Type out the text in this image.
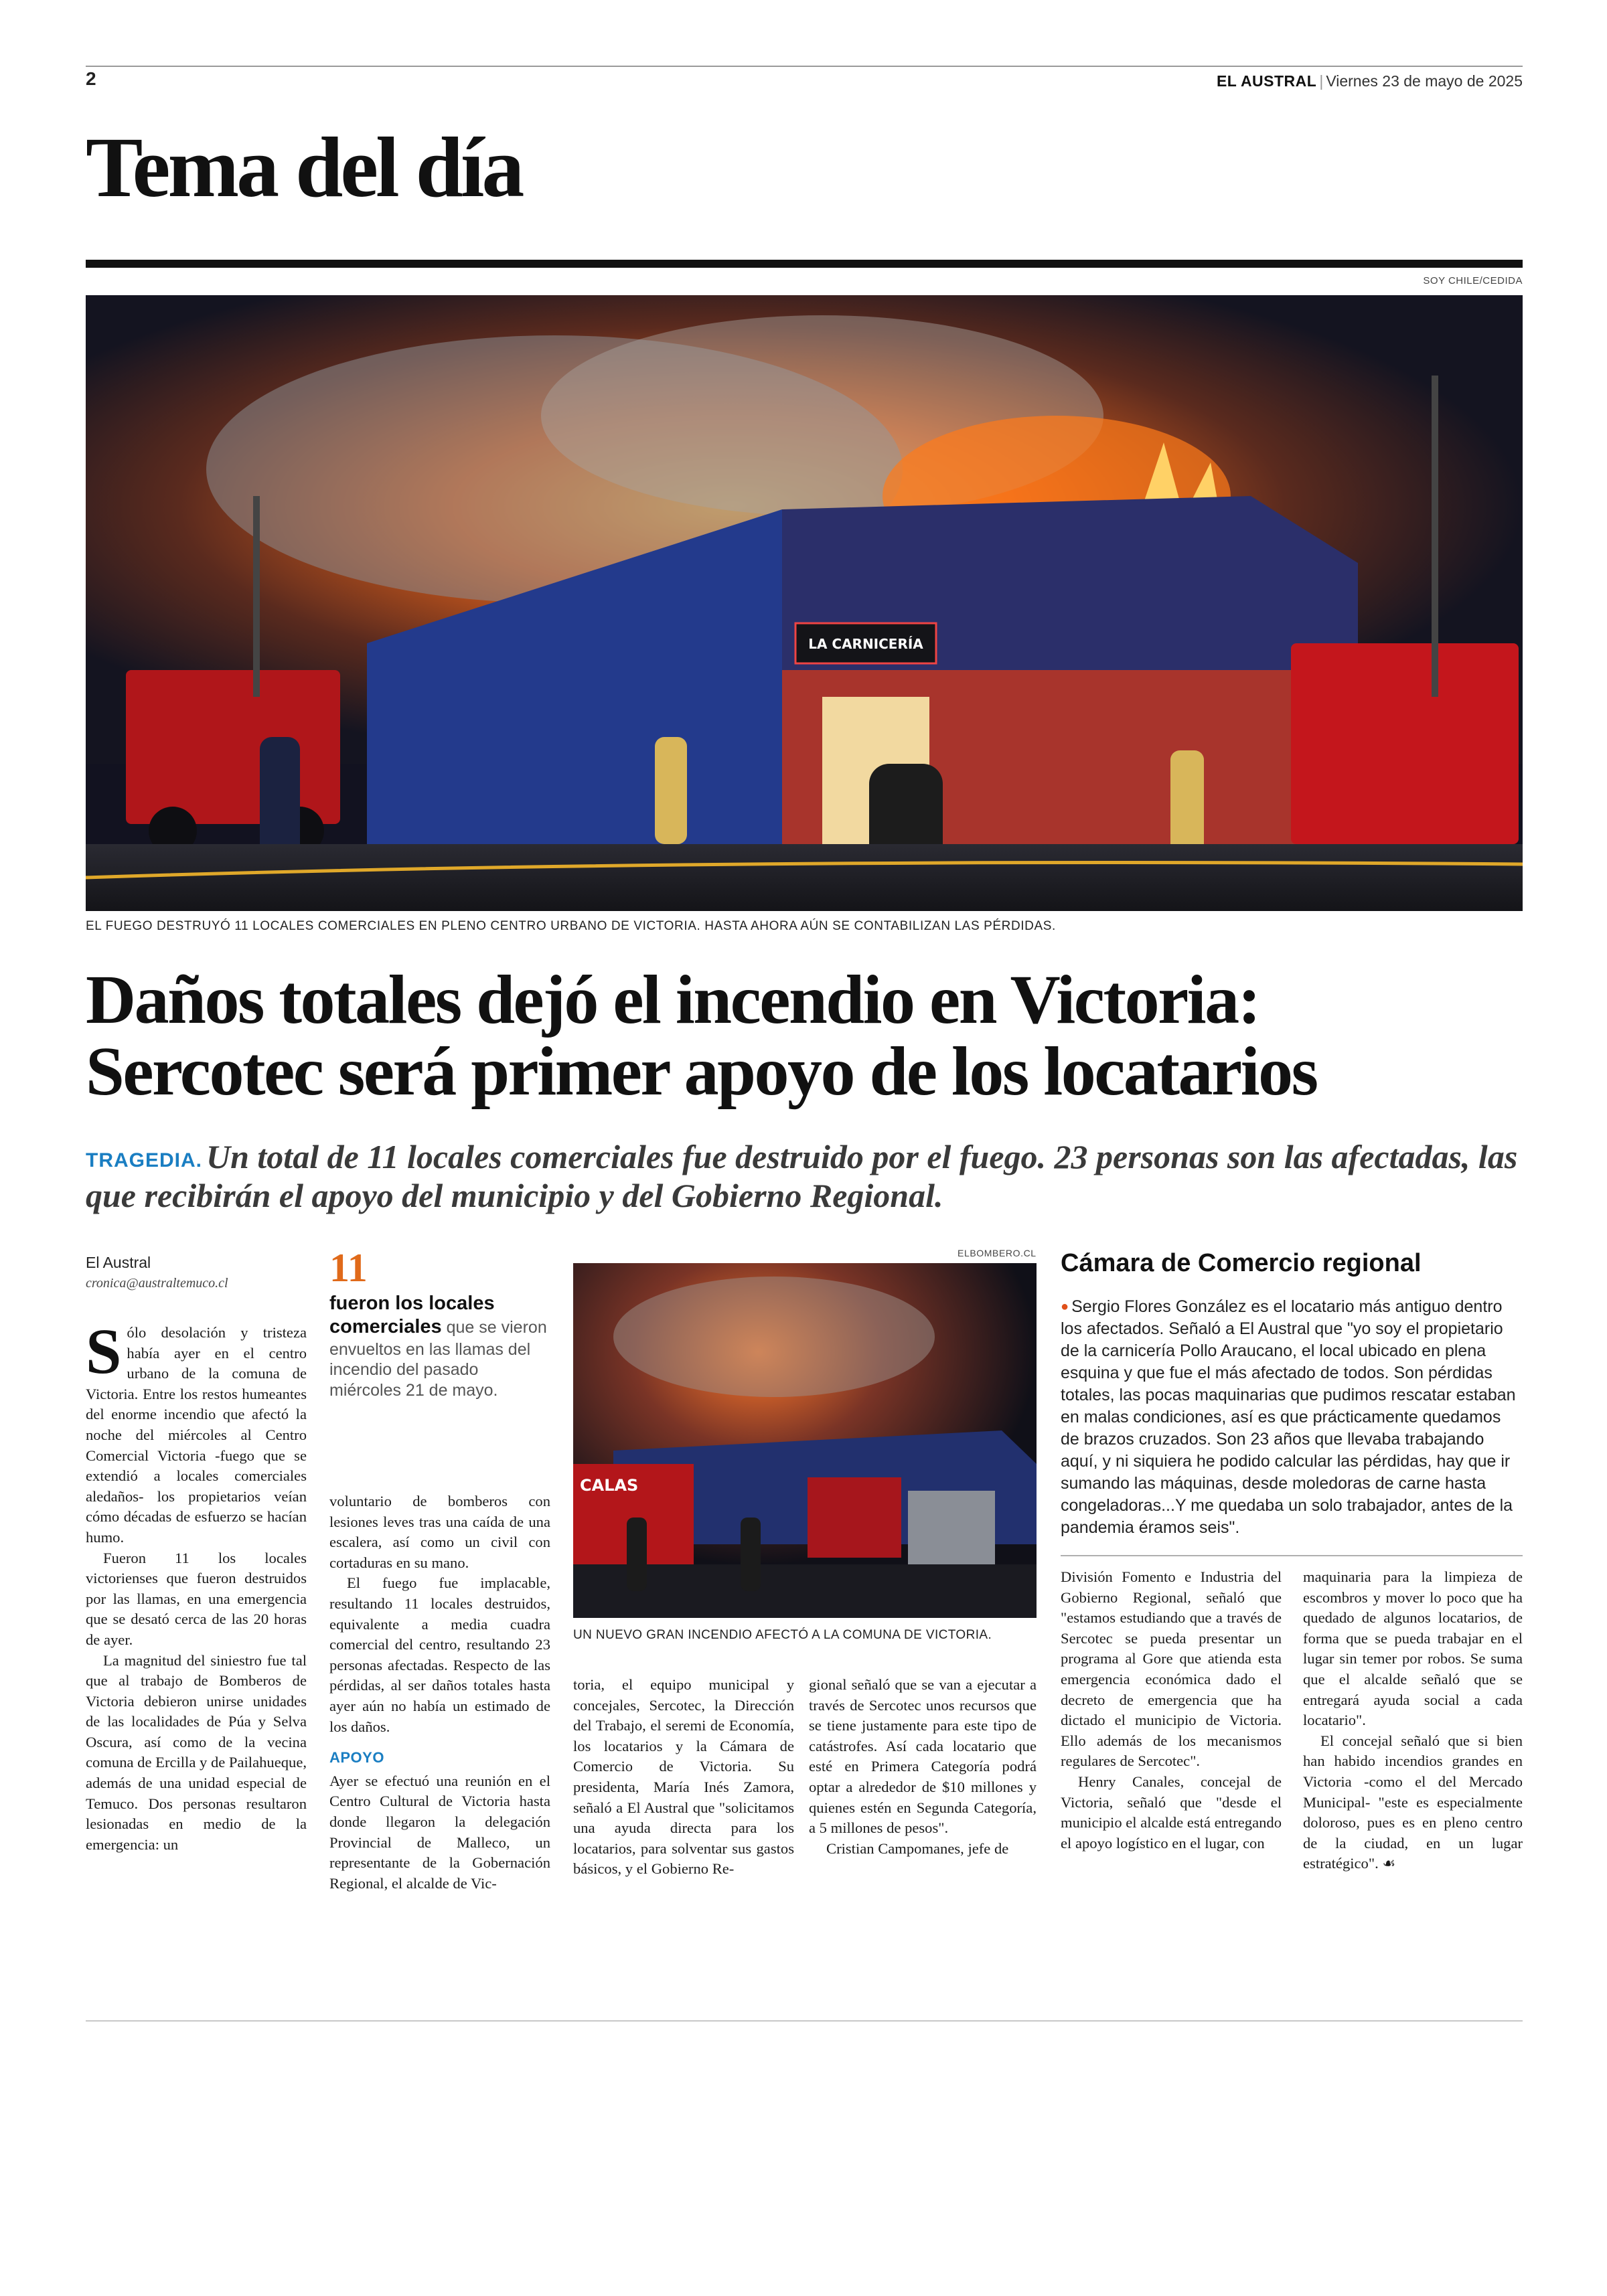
2	EL AUSTRAL | Viernes 23 de mayo de 2025
Tema del día
SOY CHILE/CEDIDA
LA CARNICERÍA
EL FUEGO DESTRUYÓ 11 LOCALES COMERCIALES EN PLENO CENTRO URBANO DE VICTORIA. HASTA AHORA AÚN SE CONTABILIZAN LAS PÉRDIDAS.
Daños totales dejó el incendio en Victoria:
Sercotec será primer apoyo de los locatarios
TRAGEDIA. Un total de 11 locales comerciales fue destruido por el fuego. 23 personas son las afectadas, las que recibirán el apoyo del municipio y del Gobierno Regional.
El Austral
cronica@australtemuco.cl

Sólo desolación y tristeza había ayer en el centro urbano de la comuna de Victoria. Entre los restos humeantes del enorme incendio que afectó la noche del miércoles al Centro Comercial Victoria -fuego que se extendió a locales comerciales aledaños- los propietarios veían cómo décadas de esfuerzo se hacían humo.

Fueron 11 los locales victorienses que fueron destruidos por las llamas, en una emergencia que se desató cerca de las 20 horas de ayer.

La magnitud del siniestro fue tal que al trabajo de Bomberos de Victoria debieron unirse unidades de las localidades de Púa y Selva Oscura, así como de la vecina comuna de Ercilla y de Pailahueque, además de una unidad especial de Temuco. Dos personas resultaron lesionadas en medio de la emergencia: un

11
fueron los locales comerciales que se vieron envueltos en las llamas del incendio del pasado miércoles 21 de mayo.

voluntario de bomberos con lesiones leves tras una caída de una escalera, así como un civil con cortaduras en su mano.

El fuego fue implacable, resultando 11 locales destruidos, equivalente a media cuadra comercial del centro, resultando 23 personas afectadas. Respecto de las pérdidas, al ser daños totales hasta ayer aún no había un estimado de los daños.

APOYO

Ayer se efectuó una reunión en el Centro Cultural de Victoria hasta donde llegaron la delegación Provincial de Malleco, un representante de la Gobernación Regional, el alcalde de Vic-

ELBOMBERO.CL
CALAS
UN NUEVO GRAN INCENDIO AFECTÓ A LA COMUNA DE VICTORIA.

toria, el equipo municipal y concejales, Sercotec, la Dirección del Trabajo, el seremi de Economía, los locatarios y la Cámara de Comercio de Victoria. Su presidenta, María Inés Zamora, señaló a El Austral que "solicitamos una ayuda directa para los locatarios, para solventar sus gastos básicos, y el Gobierno Re-

gional señaló que se van a ejecutar a través de Sercotec unos recursos que se tiene justamente para este tipo de catástrofes. Así cada locatario que esté en Primera Categoría podrá optar a alrededor de $10 millones y quienes estén en Segunda Categoría, a 5 millones de pesos".

Cristian Campomanes, jefe de

Cámara de Comercio regional
● Sergio Flores González es el locatario más antiguo dentro los afectados. Señaló a El Austral que "yo soy el propietario de la carnicería Pollo Araucano, el local ubicado en plena esquina y que fue el más afectado de todos. Son pérdidas totales, las pocas maquinarias que pudimos rescatar estaban en malas condiciones, así es que prácticamente quedamos de brazos cruzados. Son 23 años que llevaba trabajando aquí, y ni siquiera he podido calcular las pérdidas, hay que ir sumando las máquinas, desde moledoras de carne hasta congeladoras...Y me quedaba un solo trabajador, antes de la pandemia éramos seis".

División Fomento e Industria del Gobierno Regional, señaló que "estamos estudiando que a través de Sercotec se pueda presentar un programa al Gore que atienda esta emergencia económica dado el decreto de emergencia que ha dictado el municipio de Victoria. Ello además de los mecanismos regulares de Sercotec".

Henry Canales, concejal de Victoria, señaló que "desde el municipio el alcalde está entregando el apoyo logístico en el lugar, con

maquinaria para la limpieza de escombros y mover lo poco que ha quedado de algunos locatarios, de forma que se pueda trabajar en el lugar sin temer por robos. Se suma que el alcalde señaló que se entregará ayuda social a cada locatario".

El concejal señaló que si bien han habido incendios grandes en Victoria -como el del Mercado Municipal- "este es especialmente doloroso, pues es en pleno centro de la ciudad, en un lugar estratégico". ☙
